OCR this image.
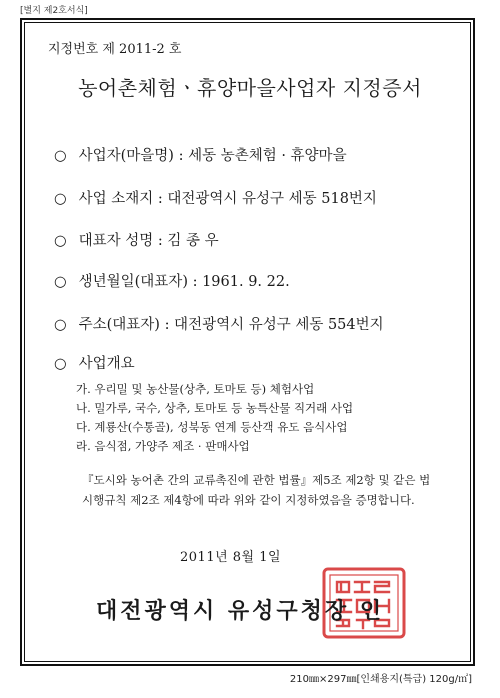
[별지 제2호서식]
지정번호 제 2011-2 호
농어촌체험ㆍ휴양마을사업자 지정증서
○ 사업자(마을명) : 세동 농촌체험 · 휴양마을
○ 사업 소재지 : 대전광역시 유성구 세동 518번지
○ 대표자 성명 : 김 종 우
○ 생년월일(대표자) : 1961. 9. 22.
○ 주소(대표자) : 대전광역시 유성구 세동 554번지
○ 사업개요
가. 우리밀 및 농산물(상추, 토마토 등) 체험사업
나. 밀가루, 국수, 상추, 토마토 등 농특산물 직거래 사업
다. 계룡산(수통골), 성북동 연계 등산객 유도 음식사업
라. 음식점, 가양주 제조 · 판매사업
『도시와 농어촌 간의 교류촉진에 관한 법률』제5조 제2항 및 같은 법
시행규칙 제2조 제4항에 따라 위와 같이 지정하였음을 증명합니다.
2011년 8월 1일
대전광역시 유성구청장 인
210㎜×297㎜[인쇄용지(특급) 120g/㎡]
